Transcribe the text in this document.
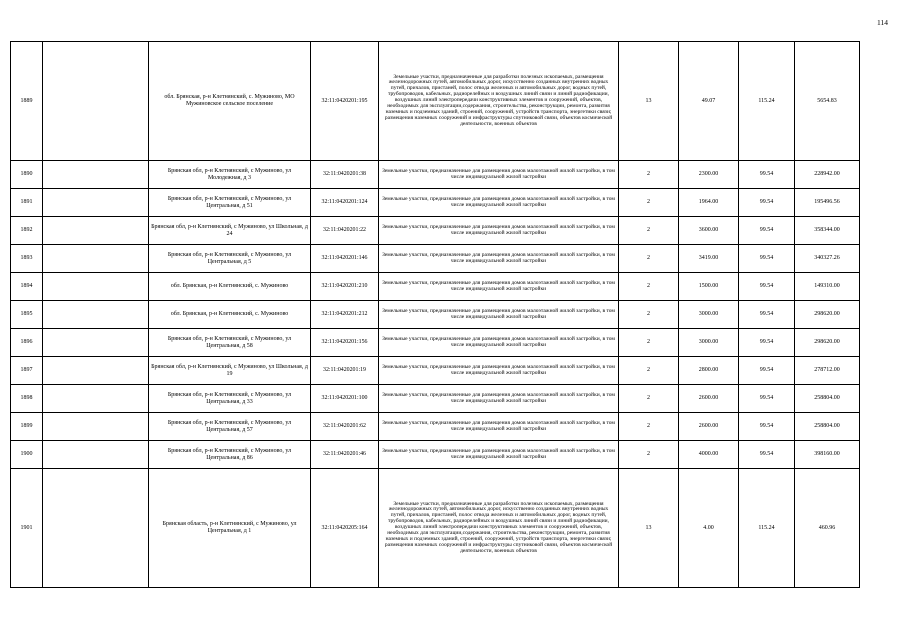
114
1889		обл. Брянская, р-н Клетнянский, с. Мужиново, МО Мужиновское сельское поселение	32:11:0420201:195	Земельные участки, предназначенные для разработки полезных ископаемых, размещения железнодорожных путей, автомобильных дорог, искусственно созданных внутренних водных путей, причалов, пристаней, полос отвода железных и автомобильных дорог, водных путей, трубопроводов, кабельных, радиорелейных и воздушных линий связи и линий радиофикации, воздушных линий электропередачи конструктивных элементов и сооружений, объектов, необходимых для эксплуатации,содержания, строительства, реконструкции, ремонта, развития наземных и подземных зданий, строений, сооружений, устройств транспорта, энергетики связи; размещения наземных сооружений и инфраструктуры спутниковой связи, объектов космической деятельности, военных объектов	13	49.07	115.24	5654.83
1890		Брянская обл, р-н Клетнянский, с Мужиново, ул Молодежная, д 3	32:11:0420201:38	Земельные участки, предназначенные для размещения домов малоэтажной жилой застройки, в том числе индивидуальной жилой застройки	2	2300.00	99.54	228942.00
1891		Брянская обл, р-н Клетнянский, с Мужиново, ул Центральная, д 51	32:11:0420201:124	Земельные участки, предназначенные для размещения домов малоэтажной жилой застройки, в том числе индивидуальной жилой застройки	2	1964.00	99.54	195496.56
1892		Брянская обл, р-н Клетнянский, с Мужиново, ул Школьная, д 24	32:11:0420201:22	Земельные участки, предназначенные для размещения домов малоэтажной жилой застройки, в том числе индивидуальной жилой застройки	2	3600.00	99.54	358344.00
1893		Брянская обл, р-н Клетнянский, с Мужиново, ул Центральная, д 5	32:11:0420201:146	Земельные участки, предназначенные для размещения домов малоэтажной жилой застройки, в том числе индивидуальной жилой застройки	2	3419.00	99.54	340327.26
1894		обл. Брянская, р-н Клетнянский, с. Мужиново	32:11:0420201:210	Земельные участки, предназначенные для размещения домов малоэтажной жилой застройки, в том числе индивидуальной жилой застройки	2	1500.00	99.54	149310.00
1895		обл. Брянская, р-н Клетнянский, с. Мужиново	32:11:0420201:212	Земельные участки, предназначенные для размещения домов малоэтажной жилой застройки, в том числе индивидуальной жилой застройки	2	3000.00	99.54	298620.00
1896		Брянская обл, р-н Клетнянский, с Мужиново, ул Центральная, д 58	32:11:0420201:156	Земельные участки, предназначенные для размещения домов малоэтажной жилой застройки, в том числе индивидуальной жилой застройки	2	3000.00	99.54	298620.00
1897		Брянская обл, р-н Клетнянский, с Мужиново, ул Школьная, д 19	32:11:0420201:19	Земельные участки, предназначенные для размещения домов малоэтажной жилой застройки, в том числе индивидуальной жилой застройки	2	2800.00	99.54	278712.00
1898		Брянская обл, р-н Клетнянский, с Мужиново, ул Центральная, д 33	32:11:0420201:100	Земельные участки, предназначенные для размещения домов малоэтажной жилой застройки, в том числе индивидуальной жилой застройки	2	2600.00	99.54	258804.00
1899		Брянская обл, р-н Клетнянский, с Мужиново, ул Центральная, д 57	32:11:0420201:62	Земельные участки, предназначенные для размещения домов малоэтажной жилой застройки, в том числе индивидуальной жилой застройки	2	2600.00	99.54	258804.00
1900		Брянская обл, р-н Клетнянский, с Мужиново, ул Центральная, д 86	32:11:0420201:46	Земельные участки, предназначенные для размещения домов малоэтажной жилой застройки, в том числе индивидуальной жилой застройки	2	4000.00	99.54	398160.00
1901		Брянская область, р-н Клетнянский, с Мужиново, ул Центральная, д 1	32:11:0420205:164	Земельные участки, предназначенные для разработки полезных ископаемых, размещения железнодорожных путей, автомобильных дорог, искусственно созданных внутренних водных путей, причалов, пристаней, полос отвода железных и автомобильных дорог, водных путей, трубопроводов, кабельных, радиорелейных и воздушных линий связи и линий радиофикации, воздушных линий электропередачи конструктивных элементов и сооружений, объектов, необходимых для эксплуатации,содержания, строительства, реконструкции, ремонта, развития наземных и подземных зданий, строений, сооружений, устройств транспорта, энергетики связи; размещения наземных сооружений и инфраструктуры спутниковой связи, объектов космической деятельности, военных объектов	13	4.00	115.24	460.96
